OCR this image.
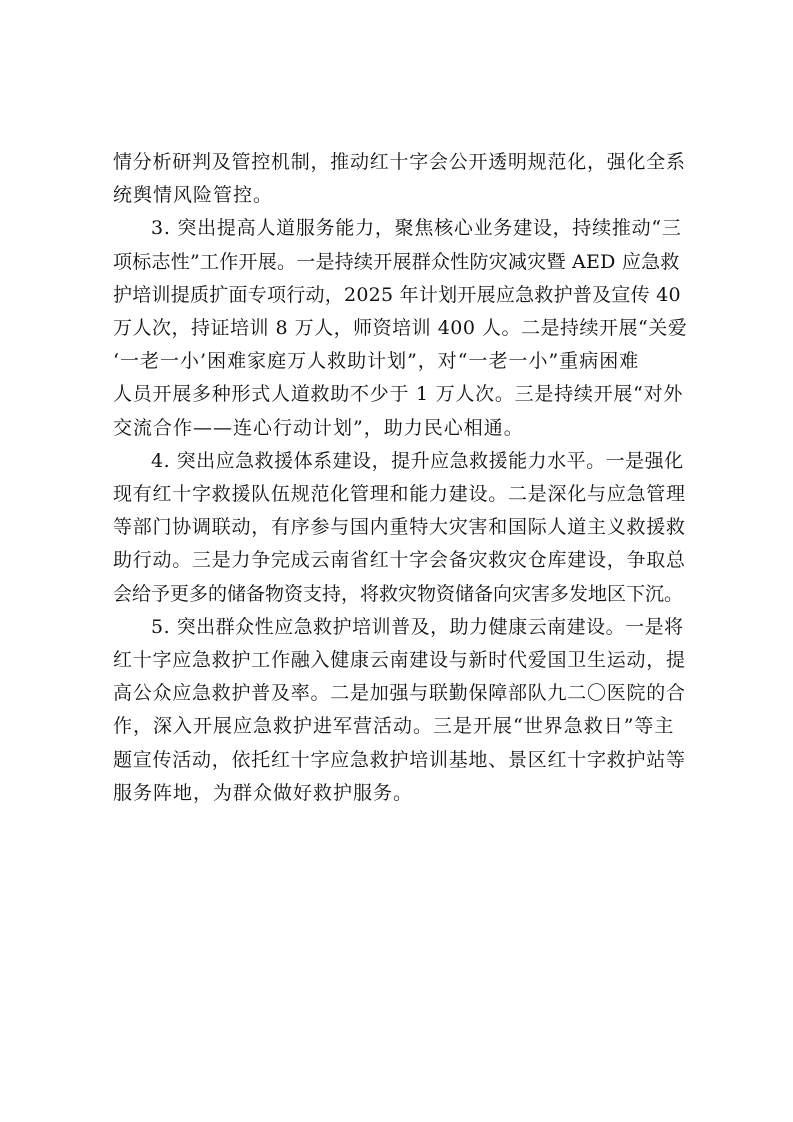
情分析研判及管控机制，推动红十字会公开透明规范化，强化全系
统舆情风险管控。
3. 突出提高人道服务能力，聚焦核心业务建设，持续推动“三
项标志性”工作开展。一是持续开展群众性防灾减灾暨 AED 应急救
护培训提质扩面专项行动，2025 年计划开展应急救护普及宣传 40
万人次，持证培训 8 万人，师资培训 400 人。二是持续开展“关爱
‘一老一小’困难家庭万人救助计划”，对“一老一小”重病困难
人员开展多种形式人道救助不少于 1 万人次。三是持续开展“对外
交流合作——连心行动计划”，助力民心相通。
4. 突出应急救援体系建设，提升应急救援能力水平。一是强化
现有红十字救援队伍规范化管理和能力建设。二是深化与应急管理
等部门协调联动，有序参与国内重特大灾害和国际人道主义救援救
助行动。三是力争完成云南省红十字会备灾救灾仓库建设，争取总
会给予更多的储备物资支持，将救灾物资储备向灾害多发地区下沉。
5. 突出群众性应急救护培训普及，助力健康云南建设。一是将
红十字应急救护工作融入健康云南建设与新时代爱国卫生运动，提
高公众应急救护普及率。二是加强与联勤保障部队九二〇医院的合
作，深入开展应急救护进军营活动。三是开展“世界急救日”等主
题宣传活动，依托红十字应急救护培训基地、景区红十字救护站等
服务阵地，为群众做好救护服务。
